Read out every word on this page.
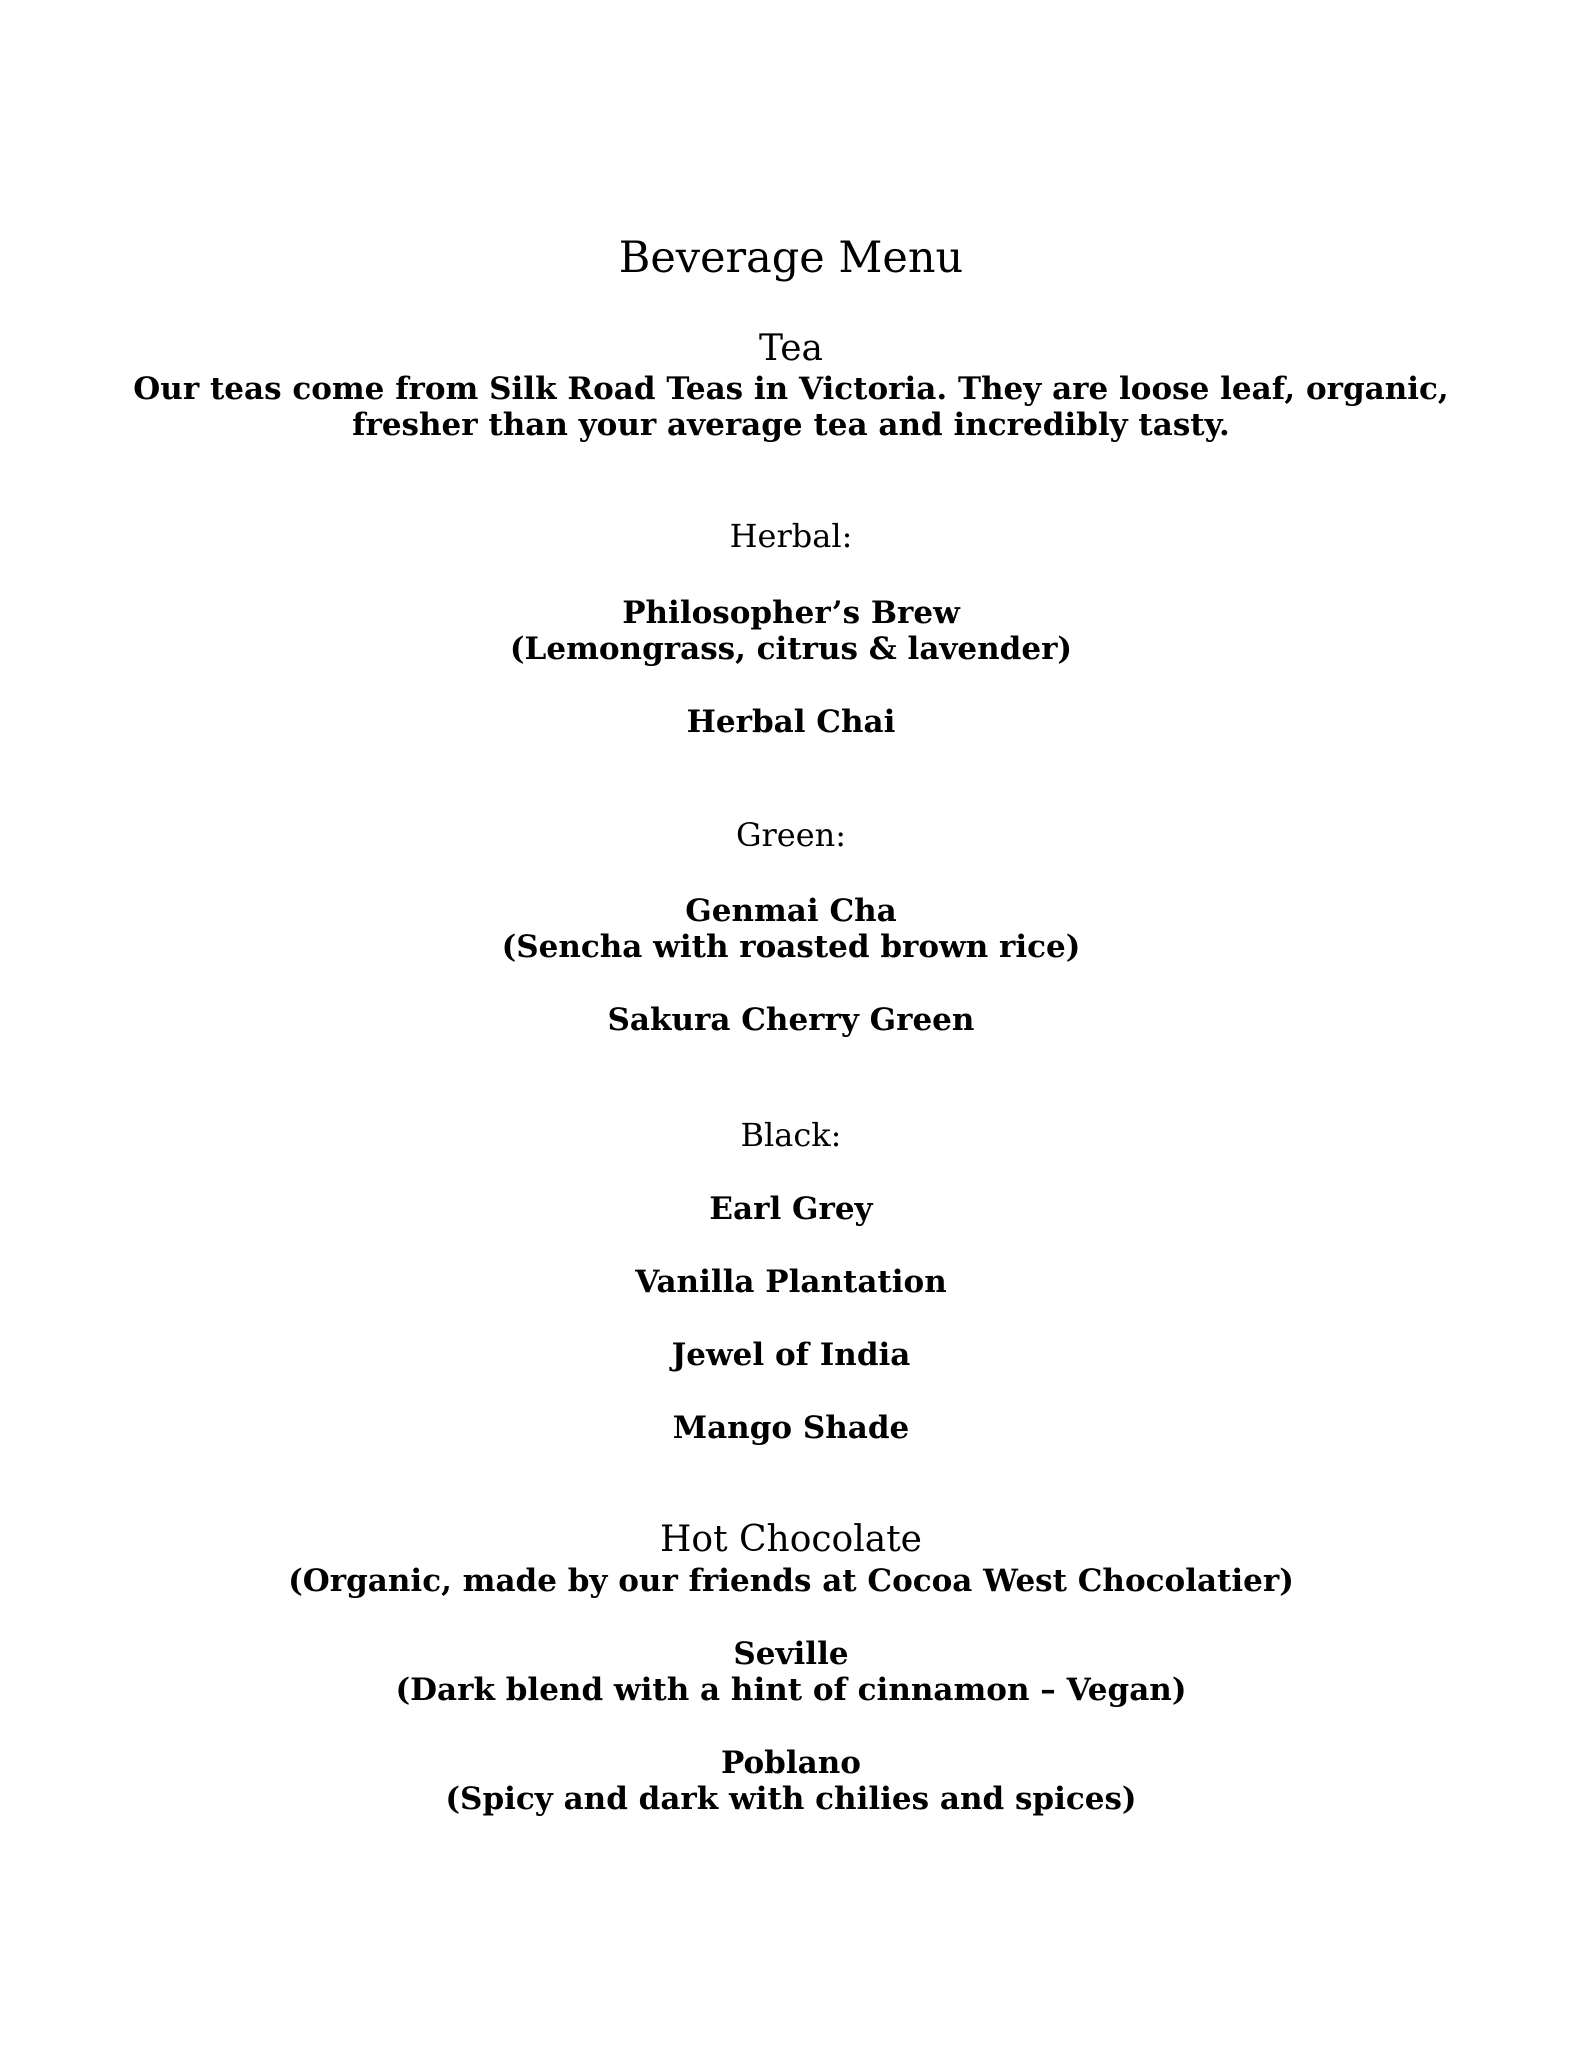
Beverage Menu
Tea
Our teas come from Silk Road Teas in Victoria. They are loose leaf, organic,
fresher than your average tea and incredibly tasty.
Herbal:
Philosopher’s Brew
(Lemongrass, citrus & lavender)
Herbal Chai
Green:
Genmai Cha
(Sencha with roasted brown rice)
Sakura Cherry Green
Black:
Earl Grey
Vanilla Plantation
Jewel of India
Mango Shade
Hot Chocolate
(Organic, made by our friends at Cocoa West Chocolatier)
Seville
(Dark blend with a hint of cinnamon – Vegan)
Poblano
(Spicy and dark with chilies and spices)
